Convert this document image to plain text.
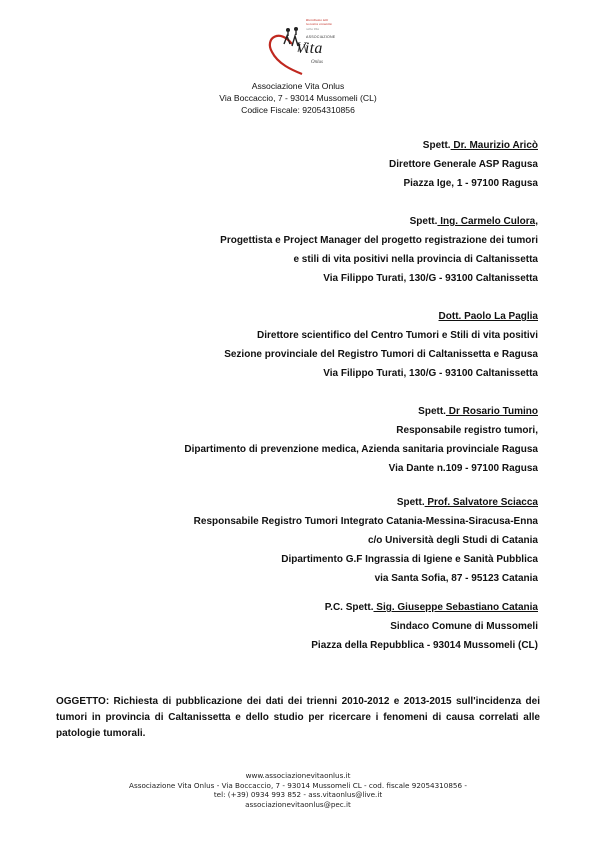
Ricordiamo tutti
la nostra comunità
nella Vita
ASSOCIAZIONE
Vita
Onlus
Associazione Vita Onlus
Via Boccaccio, 7 - 93014 Mussomeli (CL)
Codice Fiscale: 92054310856
Spett. Dr. Maurizio Aricò
Direttore Generale ASP Ragusa
Piazza Ige, 1 - 97100 Ragusa
Spett. Ing. Carmelo Culora,
Progettista e Project Manager del progetto registrazione dei tumori
e stili di vita positivi nella provincia di Caltanissetta
Via Filippo Turati, 130/G - 93100 Caltanissetta
Dott. Paolo La Paglia
Direttore scientifico del Centro Tumori e Stili di vita positivi
Sezione provinciale del Registro Tumori di Caltanissetta e Ragusa
Via Filippo Turati, 130/G - 93100 Caltanissetta
Spett. Dr Rosario Tumino
Responsabile registro tumori,
Dipartimento di prevenzione medica, Azienda sanitaria provinciale Ragusa
Via Dante n.109 - 97100 Ragusa
Spett. Prof. Salvatore Sciacca
Responsabile Registro Tumori Integrato Catania-Messina-Siracusa-Enna
c/o Università degli Studi di Catania
Dipartimento G.F Ingrassia di Igiene e Sanità Pubblica
via Santa Sofia, 87 - 95123 Catania
P.C. Spett. Sig. Giuseppe Sebastiano Catania
Sindaco Comune di Mussomeli
Piazza della Repubblica - 93014 Mussomeli (CL)
OGGETTO: Richiesta di pubblicazione dei dati dei trienni 2010-2012 e 2013-2015 sull'incidenza dei tumori in provincia di Caltanissetta e dello studio per ricercare i fenomeni di causa correlati alle patologie tumorali.
www.associazionevitaonlus.it
Associazione Vita Onlus - Via Boccaccio, 7 - 93014 Mussomeli CL - cod. fiscale 92054310856 -
tel: (+39) 0934 993 852 - ass.vitaonlus@live.it
associazionevitaonlus@pec.it
